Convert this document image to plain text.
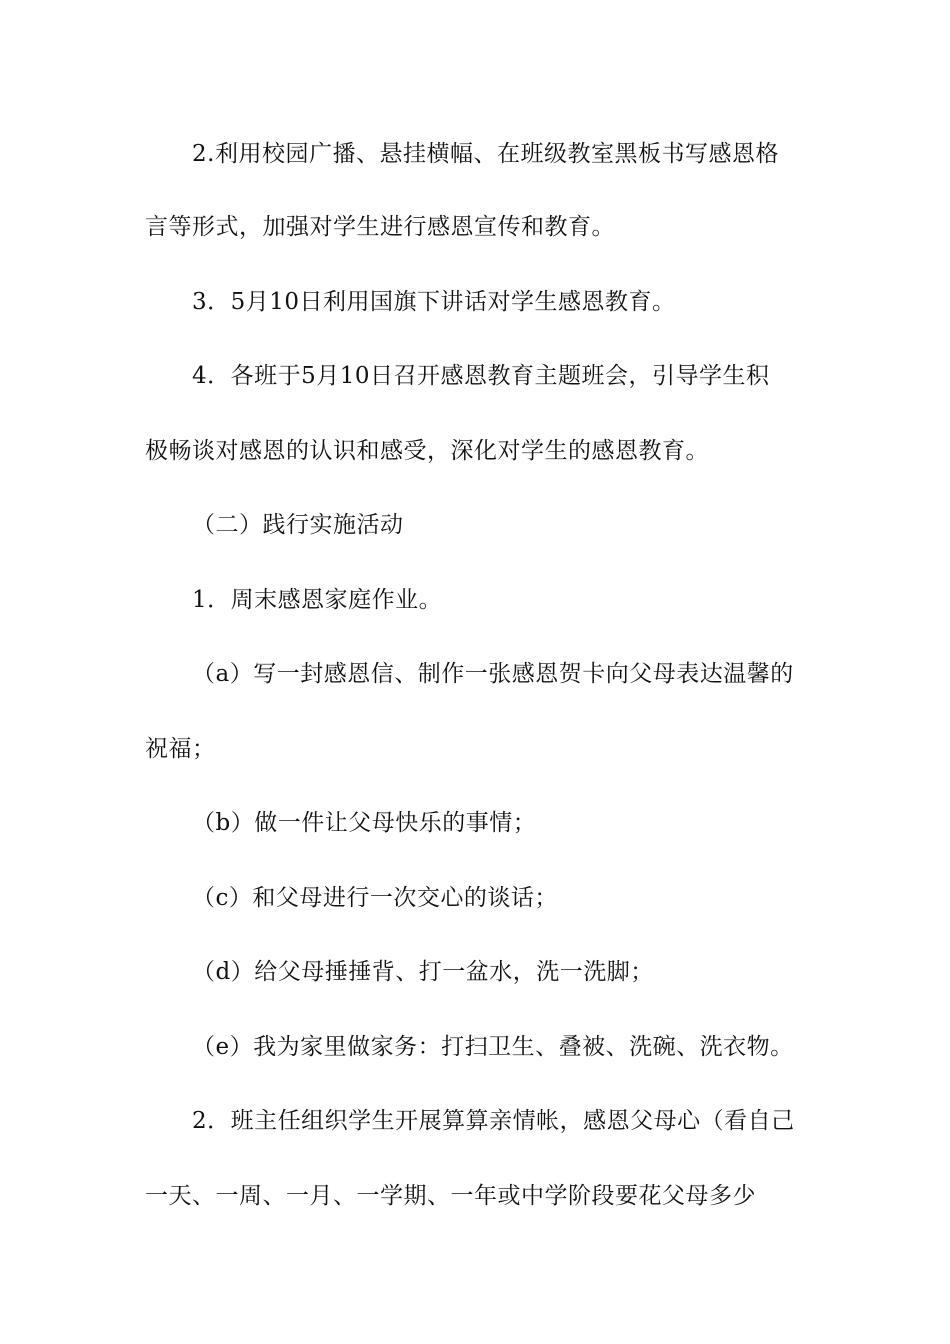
2.利用校园广播、悬挂横幅、在班级教室黑板书写感恩格
言等形式，加强对学生进行感恩宣传和教育。
3．5月10日利用国旗下讲话对学生感恩教育。
4．各班于5月10日召开感恩教育主题班会，引导学生积
极畅谈对感恩的认识和感受，深化对学生的感恩教育。
（二）践行实施活动
1．周末感恩家庭作业。
（a）写一封感恩信、制作一张感恩贺卡向父母表达温馨的
祝福；
（b）做一件让父母快乐的事情；
（c）和父母进行一次交心的谈话；
（d）给父母捶捶背、打一盆水，洗一洗脚；
（e）我为家里做家务：打扫卫生、叠被、洗碗、洗衣物。
2．班主任组织学生开展算算亲情帐，感恩父母心（看自己
一天、一周、一月、一学期、一年或中学阶段要花父母多少
